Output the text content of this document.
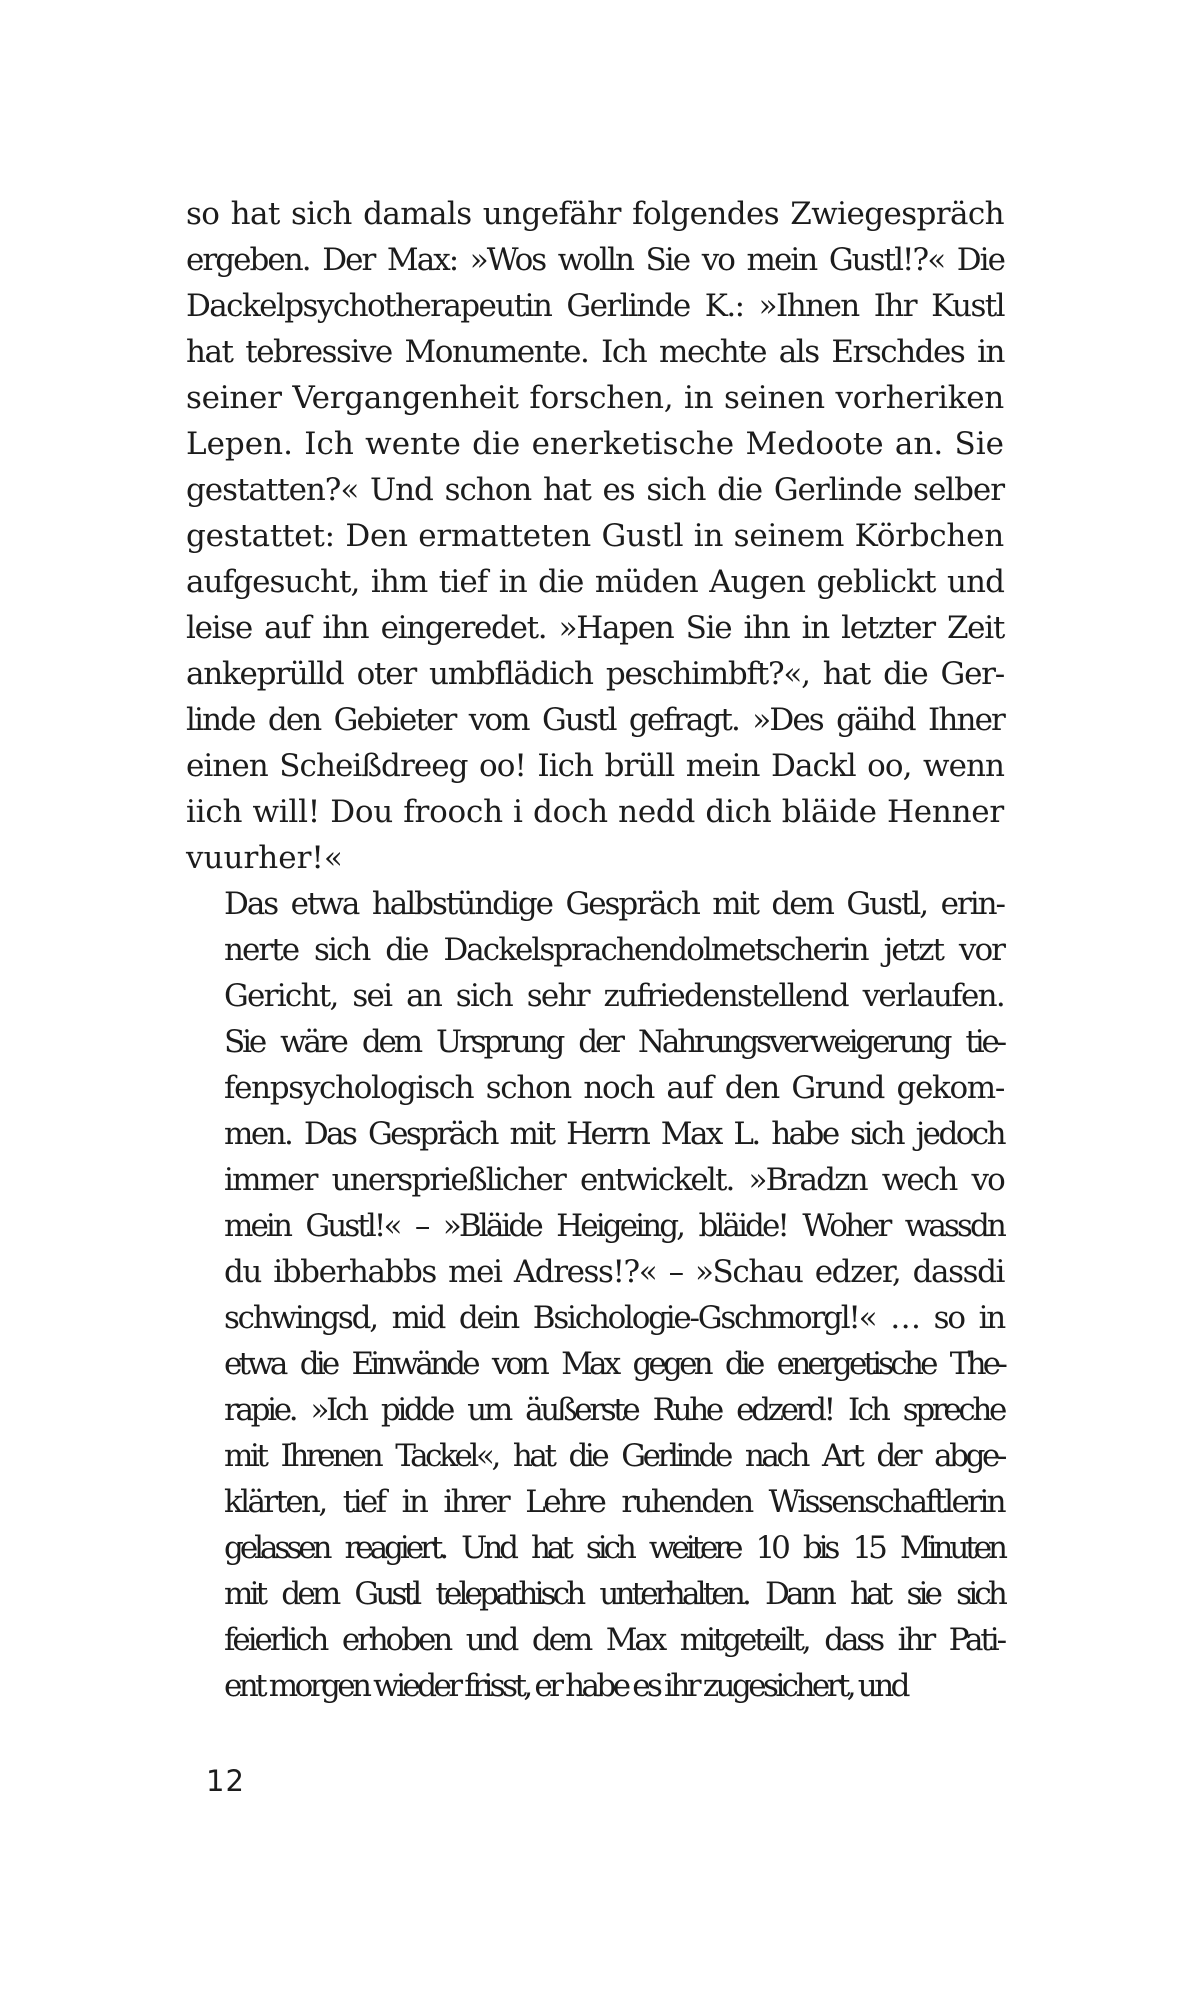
so hat sich damals ungefähr folgendes Zwiegespräch
ergeben. Der Max: »Wos wolln Sie vo mein Gustl!?« Die
Dackelpsychotherapeutin Gerlinde K.: »Ihnen Ihr Kustl
hat tebressive Monumente. Ich mechte als Erschdes in
seiner Vergangenheit forschen, in seinen vorheriken
Lepen. Ich wente die enerketische Medoote an. Sie
gestatten?« Und schon hat es sich die Gerlinde selber
gestattet: Den ermatteten Gustl in seinem Körbchen
aufgesucht, ihm tief in die müden Augen geblickt und
leise auf ihn eingeredet. »Hapen Sie ihn in letzter Zeit
ankeprülld oter umbflädich peschimbft?«, hat die Ger-
linde den Gebieter vom Gustl gefragt. »Des gäihd Ihner
einen Scheißdreeg oo! Iich brüll mein Dackl oo, wenn
iich will! Dou frooch i doch nedd dich bläide Henner
vuurher!«

Das etwa halbstündige Gespräch mit dem Gustl, erin-
nerte sich die Dackelsprachendolmetscherin jetzt vor
Gericht, sei an sich sehr zufriedenstellend verlaufen.
Sie wäre dem Ursprung der Nahrungsverweigerung tie-
fenpsychologisch schon noch auf den Grund gekom-
men. Das Gespräch mit Herrn Max L. habe sich jedoch
immer unersprießlicher entwickelt. »Bradzn wech vo
mein Gustl!« – »Bläide Heigeing, bläide! Woher wassdn
du ibberhabbs mei Adress!?« – »Schau edzer, dassdi
schwingsd, mid dein Bsichologie-Gschmorgl!« … so in
etwa die Einwände vom Max gegen die energetische The-
rapie. »Ich pidde um äußerste Ruhe edzerd! Ich spreche
mit Ihrenen Tackel«, hat die Gerlinde nach Art der abge-
klärten, tief in ihrer Lehre ruhenden Wissenschaftlerin
gelassen reagiert. Und hat sich weitere 10 bis 15 Minuten
mit dem Gustl telepathisch unterhalten. Dann hat sie sich
feierlich erhoben und dem Max mitgeteilt, dass ihr Pati-
ent morgen wieder frisst, er habe es ihr zugesichert, und

12
